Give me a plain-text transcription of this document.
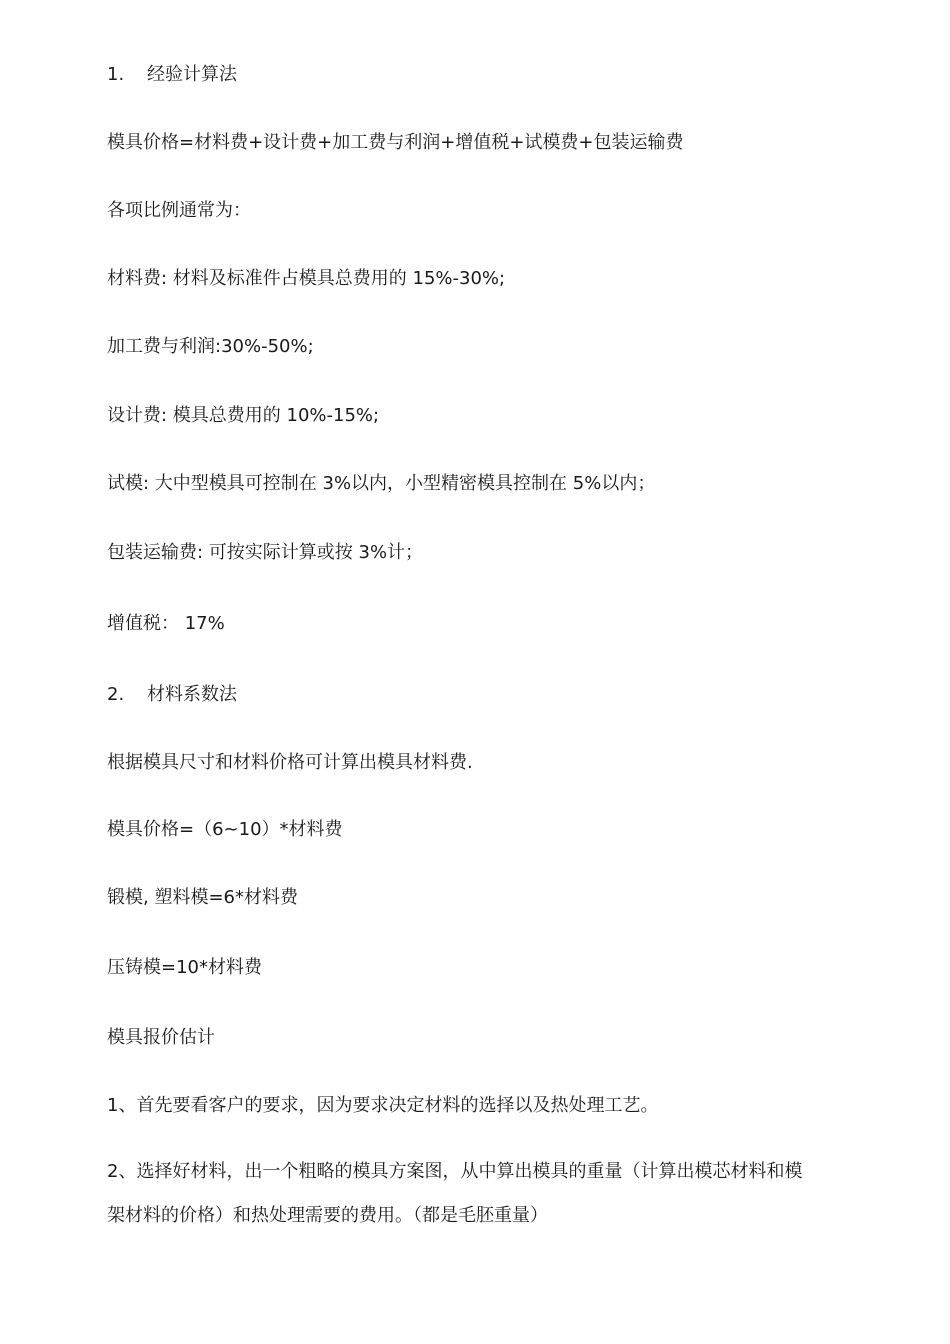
1. 经验计算法
模具价格=材料费+设计费+加工费与利润+增值税+试模费+包装运输费
各项比例通常为：
材料费: 材料及标准件占模具总费用的 15%-30%;
加工费与利润:30%-50%;
设计费: 模具总费用的 10%-15%;
试模: 大中型模具可控制在 3%以内，小型精密模具控制在 5%以内；
包装运输费: 可按实际计算或按 3%计；
增值税： 17%
2. 材料系数法
根据模具尺寸和材料价格可计算出模具材料费.
模具价格=（6~10）*材料费
锻模, 塑料模=6*材料费
压铸模=10*材料费
模具报价估计
1、首先要看客户的要求，因为要求决定材料的选择以及热处理工艺。
2、选择好材料，出一个粗略的模具方案图，从中算出模具的重量（计算出模芯材料和模架材料的价格）和热处理需要的费用。（都是毛胚重量）
